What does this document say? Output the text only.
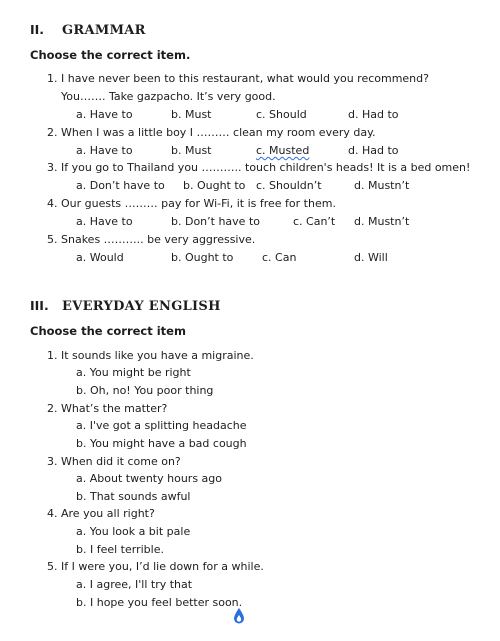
II.	GRAMMAR
Choose the correct item.
1. I have never been to this restaurant, what would you recommend?
You……. Take gazpacho. It’s very good.
a. Have to	b. Must	c. Should	d. Had to
2. When I was a little boy I ……… clean my room every day.
a. Have to	b. Must	c. Musted	d. Had to
3. If you go to Thailand you ……….. touch children's heads! It is a bed omen!
a. Don’t have to b. Ought to c. Shouldn’t	d. Mustn’t
4. Our guests ……… pay for Wi-Fi, it is free for them.
a. Have to	b. Don’t have to	c. Can’t d. Mustn’t
5. Snakes ……….. be very aggressive.
a. Would	b. Ought to	c. Can	d. Will
III.	EVERYDAY ENGLISH
Choose the correct item
1. It sounds like you have a migraine.
a. You might be right
b. Oh, no! You poor thing
2. What’s the matter?
a. I've got a splitting headache
b. You might have a bad cough
3. When did it come on?
a. About twenty hours ago
b. That sounds awful
4. Are you all right?
a. You look a bit pale
b. I feel terrible.
5. If I were you, I’d lie down for a while.
a. I agree, I'll try that
b. I hope you feel better soon.
